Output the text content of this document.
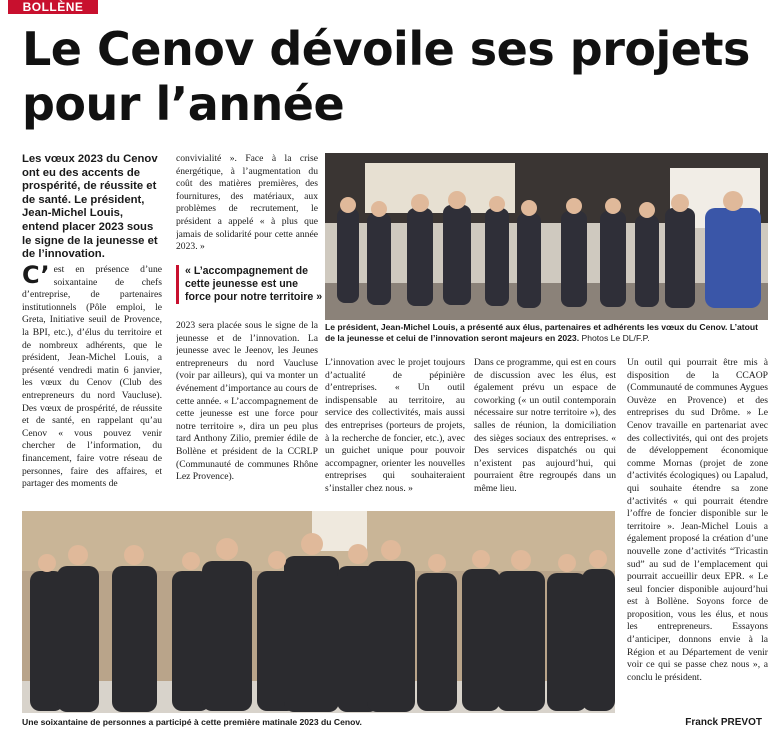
BOLLÈNE
Le Cenov dévoile ses projets pour l’année

Les vœux 2023 du Cenov ont eu des accents de prospérité, de réussite et de santé. Le président, Jean-Michel Louis, entend placer 2023 sous le signe de la jeunesse et de l’innovation.

C’ est en présence d’une soixantaine de chefs d’entreprise, de partenaires institutionnels (Pôle emploi, le Greta, Initiative seuil de Provence, la BPI, etc.), d’élus du territoire et de nombreux adhérents, que le président, Jean-Michel Louis, a présenté vendredi matin 6 janvier, les vœux du Cenov (Club des entrepreneurs du nord Vaucluse). Des vœux de prospérité, de réussite et de santé, en rappelant qu’au Cenov « vous pouvez venir chercher de l’information, du financement, faire votre réseau de personnes, faire des affaires, et partager des moments de
convivialité ». Face à la crise énergétique, à l’augmentation du coût des matières premières, des fournitures, des matériaux, aux problèmes de recrutement, le président a appelé « à plus que jamais de solidarité pour cette année 2023. »

« L’accompagnement de cette jeunesse est une force pour notre territoire »

2023 sera placée sous le signe de la jeunesse et de l’innovation. La jeunesse avec le Jeenov, les Jeunes entrepreneurs du nord Vaucluse (voir par ailleurs), qui va monter un événement d’importance au cours de cette année. « L’accompagnement de cette jeunesse est une force pour notre territoire », dira un peu plus tard Anthony Zilio, premier édile de Bollène et président de la CCRLP (Communauté de communes Rhône Lez Provence).

Le président, Jean-Michel Louis, a présenté aux élus, partenaires et adhérents les vœux du Cenov. L’atout de la jeunesse et celui de l’innovation seront majeurs en 2023. Photos Le DL/F.P.

L’innovation avec le projet toujours d’actualité de pépinière d’entreprises. « Un outil indispensable au territoire, au service des collectivités, mais aussi des entreprises (porteurs de projets, à la recherche de foncier, etc.), avec un guichet unique pour pouvoir accompagner, orienter les nouvelles entreprises qui souhaiteraient s’installer chez nous. »
Dans ce programme, qui est en cours de discussion avec les élus, est également prévu un espace de coworking (« un outil contemporain nécessaire sur notre territoire »), des salles de réunion, la domiciliation des sièges sociaux des entreprises. « Des services dispatchés ou qui n’existent pas aujourd’hui, qui pourraient être regroupés dans un même lieu.
Un outil qui pourrait être mis à disposition de la CCAOP (Communauté de communes Aygues Ouvèze en Provence) et des entreprises du sud Drôme. » Le Cenov travaille en partenariat avec des collectivités, qui ont des projets de développement économique comme Mornas (projet de zone d’activités écologiques) ou Lapalud, qui souhaite étendre sa zone d’activités « qui pourrait étendre l’offre de foncier disponible sur le territoire ». Jean-Michel Louis a également proposé la création d’une nouvelle zone d’activités “Tricastin sud” au sud de l’emplacement qui pourrait accueillir deux EPR. « Le seul foncier disponible aujourd’hui est à Bollène. Soyons force de proposition, vous les élus, et nous les entrepreneurs. Essayons d’anticiper, donnons envie à la Région et au Département de venir voir ce qui se passe chez nous », a conclu le président.

Une soixantaine de personnes a participé à cette première matinale 2023 du Cenov.	Franck PREVOT
